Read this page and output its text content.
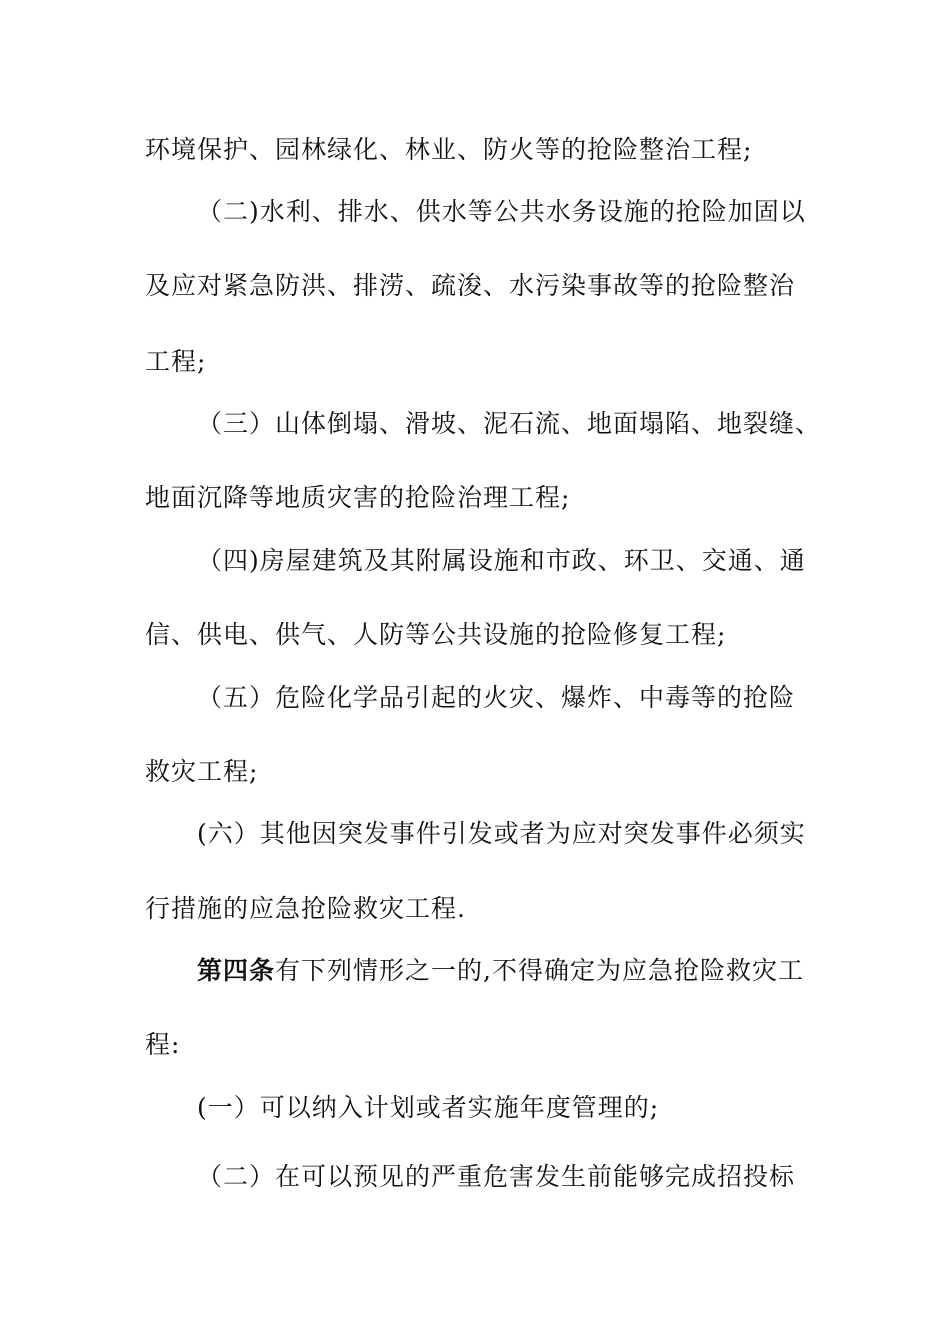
环境保护、园林绿化、林业、防火等的抢险整治工程;
（二)水利、排水、供水等公共水务设施的抢险加固以
及应对紧急防洪、排涝、疏浚、水污染事故等的抢险整治
工程;
（三）山体倒塌、滑坡、泥石流、地面塌陷、地裂缝、
地面沉降等地质灾害的抢险治理工程;
（四)房屋建筑及其附属设施和市政、环卫、交通、通
信、供电、供气、人防等公共设施的抢险修复工程;
（五）危险化学品引起的火灾、爆炸、中毒等的抢险
救灾工程;
(六）其他因突发事件引发或者为应对突发事件必须实
行措施的应急抢险救灾工程.
第四条有下列情形之一的,不得确定为应急抢险救灾工
程:
(一）可以纳入计划或者实施年度管理的;
（二）在可以预见的严重危害发生前能够完成招投标
